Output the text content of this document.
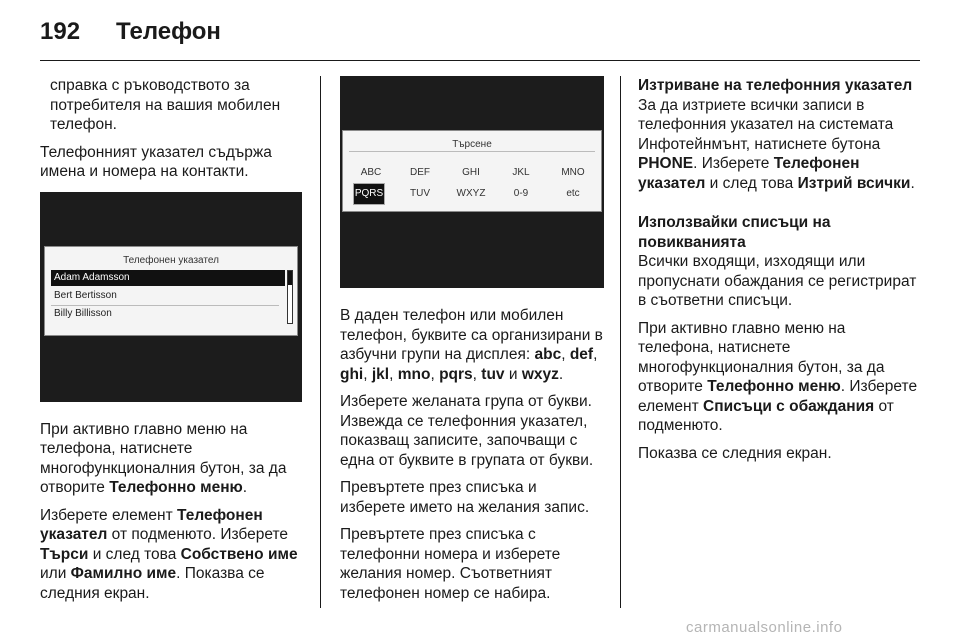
192 Телефон

справка с ръководството за потребителя на вашия мобилен телефон.

Телефонният указател съдържа имена и номера на контакти.

Телефонен указател
Adam Adamsson
Bert Bertisson
Billy Billisson

При активно главно меню на телефона, натиснете многофункционалния бутон, за да отворите Телефонно меню.

Изберете елемент Телефонен указател от подменюто. Изберете Търси и след това Собствено име или Фамилно име. Показва се следния екран.

Търсене
ABC	DEF	GHI	JKL	MNO
PQRS	TUV	WXYZ	0-9	etc

В даден телефон или мобилен телефон, буквите са организирани в азбучни групи на дисплея: abc, def, ghi, jkl, mno, pqrs, tuv и wxyz.

Изберете желаната група от букви. Извежда се телефонния указател, показващ записите, започващи с една от буквите в групата от букви.

Превъртете през списъка и изберете името на желания запис.

Превъртете през списъка с телефонни номера и изберете желания номер. Съответният телефонен номер се набира.

Изтриване на телефонния указател

За да изтриете всички записи в телефонния указател на системата Инфотейнмънт, натиснете бутона PHONE. Изберете Телефонен указател и след това Изтрий всички.

Използвайки списъци на повикванията

Всички входящи, изходящи или пропуснати обаждания се регистрират в съответни списъци.

При активно главно меню на телефона, натиснете многофункционалния бутон, за да отворите Телефонно меню. Изберете елемент Списъци с обаждания от подменюто.

Показва се следния екран.

carmanualsonline.info
